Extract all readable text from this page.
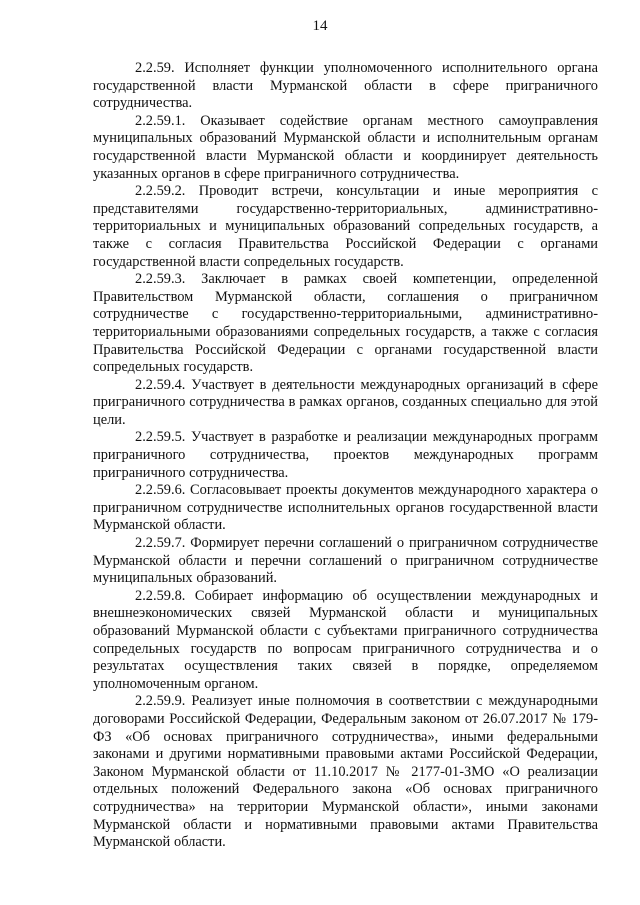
14

2.2.59. Исполняет функции уполномоченного исполнительного органа государственной власти Мурманской области в сфере приграничного сотрудничества.

2.2.59.1. Оказывает содействие органам местного самоуправления муниципальных образований Мурманской области и исполнительным органам государственной власти Мурманской области и координирует деятельность указанных органов в сфере приграничного сотрудничества.

2.2.59.2. Проводит встречи, консультации и иные мероприятия с представителями государственно-территориальных, административно-территориальных и муниципальных образований сопредельных государств, а также с согласия Правительства Российской Федерации с органами государственной власти сопредельных государств.

2.2.59.3. Заключает в рамках своей компетенции, определенной Правительством Мурманской области, соглашения о приграничном сотрудничестве с государственно-территориальными, административно-территориальными образованиями сопредельных государств, а также с согласия Правительства Российской Федерации с органами государственной власти сопредельных государств.

2.2.59.4. Участвует в деятельности международных организаций в сфере приграничного сотрудничества в рамках органов, созданных специально для этой цели.

2.2.59.5. Участвует в разработке и реализации международных программ приграничного сотрудничества, проектов международных программ приграничного сотрудничества.

2.2.59.6. Согласовывает проекты документов международного характера о приграничном сотрудничестве исполнительных органов государственной власти Мурманской области.

2.2.59.7. Формирует перечни соглашений о приграничном сотрудничестве Мурманской области и перечни соглашений о приграничном сотрудничестве муниципальных образований.

2.2.59.8. Собирает информацию об осуществлении международных и внешнеэкономических связей Мурманской области и муниципальных образований Мурманской области с субъектами приграничного сотрудничества сопредельных государств по вопросам приграничного сотрудничества и о результатах осуществления таких связей в порядке, определяемом уполномоченным органом.

2.2.59.9. Реализует иные полномочия в соответствии с международными договорами Российской Федерации, Федеральным законом от 26.07.2017 № 179-ФЗ «Об основах приграничного сотрудничества», иными федеральными законами и другими нормативными правовыми актами Российской Федерации, Законом Мурманской области от 11.10.2017 № 2177-01-ЗМО «О реализации отдельных положений Федерального закона «Об основах приграничного сотрудничества» на территории Мурманской области», иными законами Мурманской области и нормативными правовыми актами Правительства Мурманской области.
